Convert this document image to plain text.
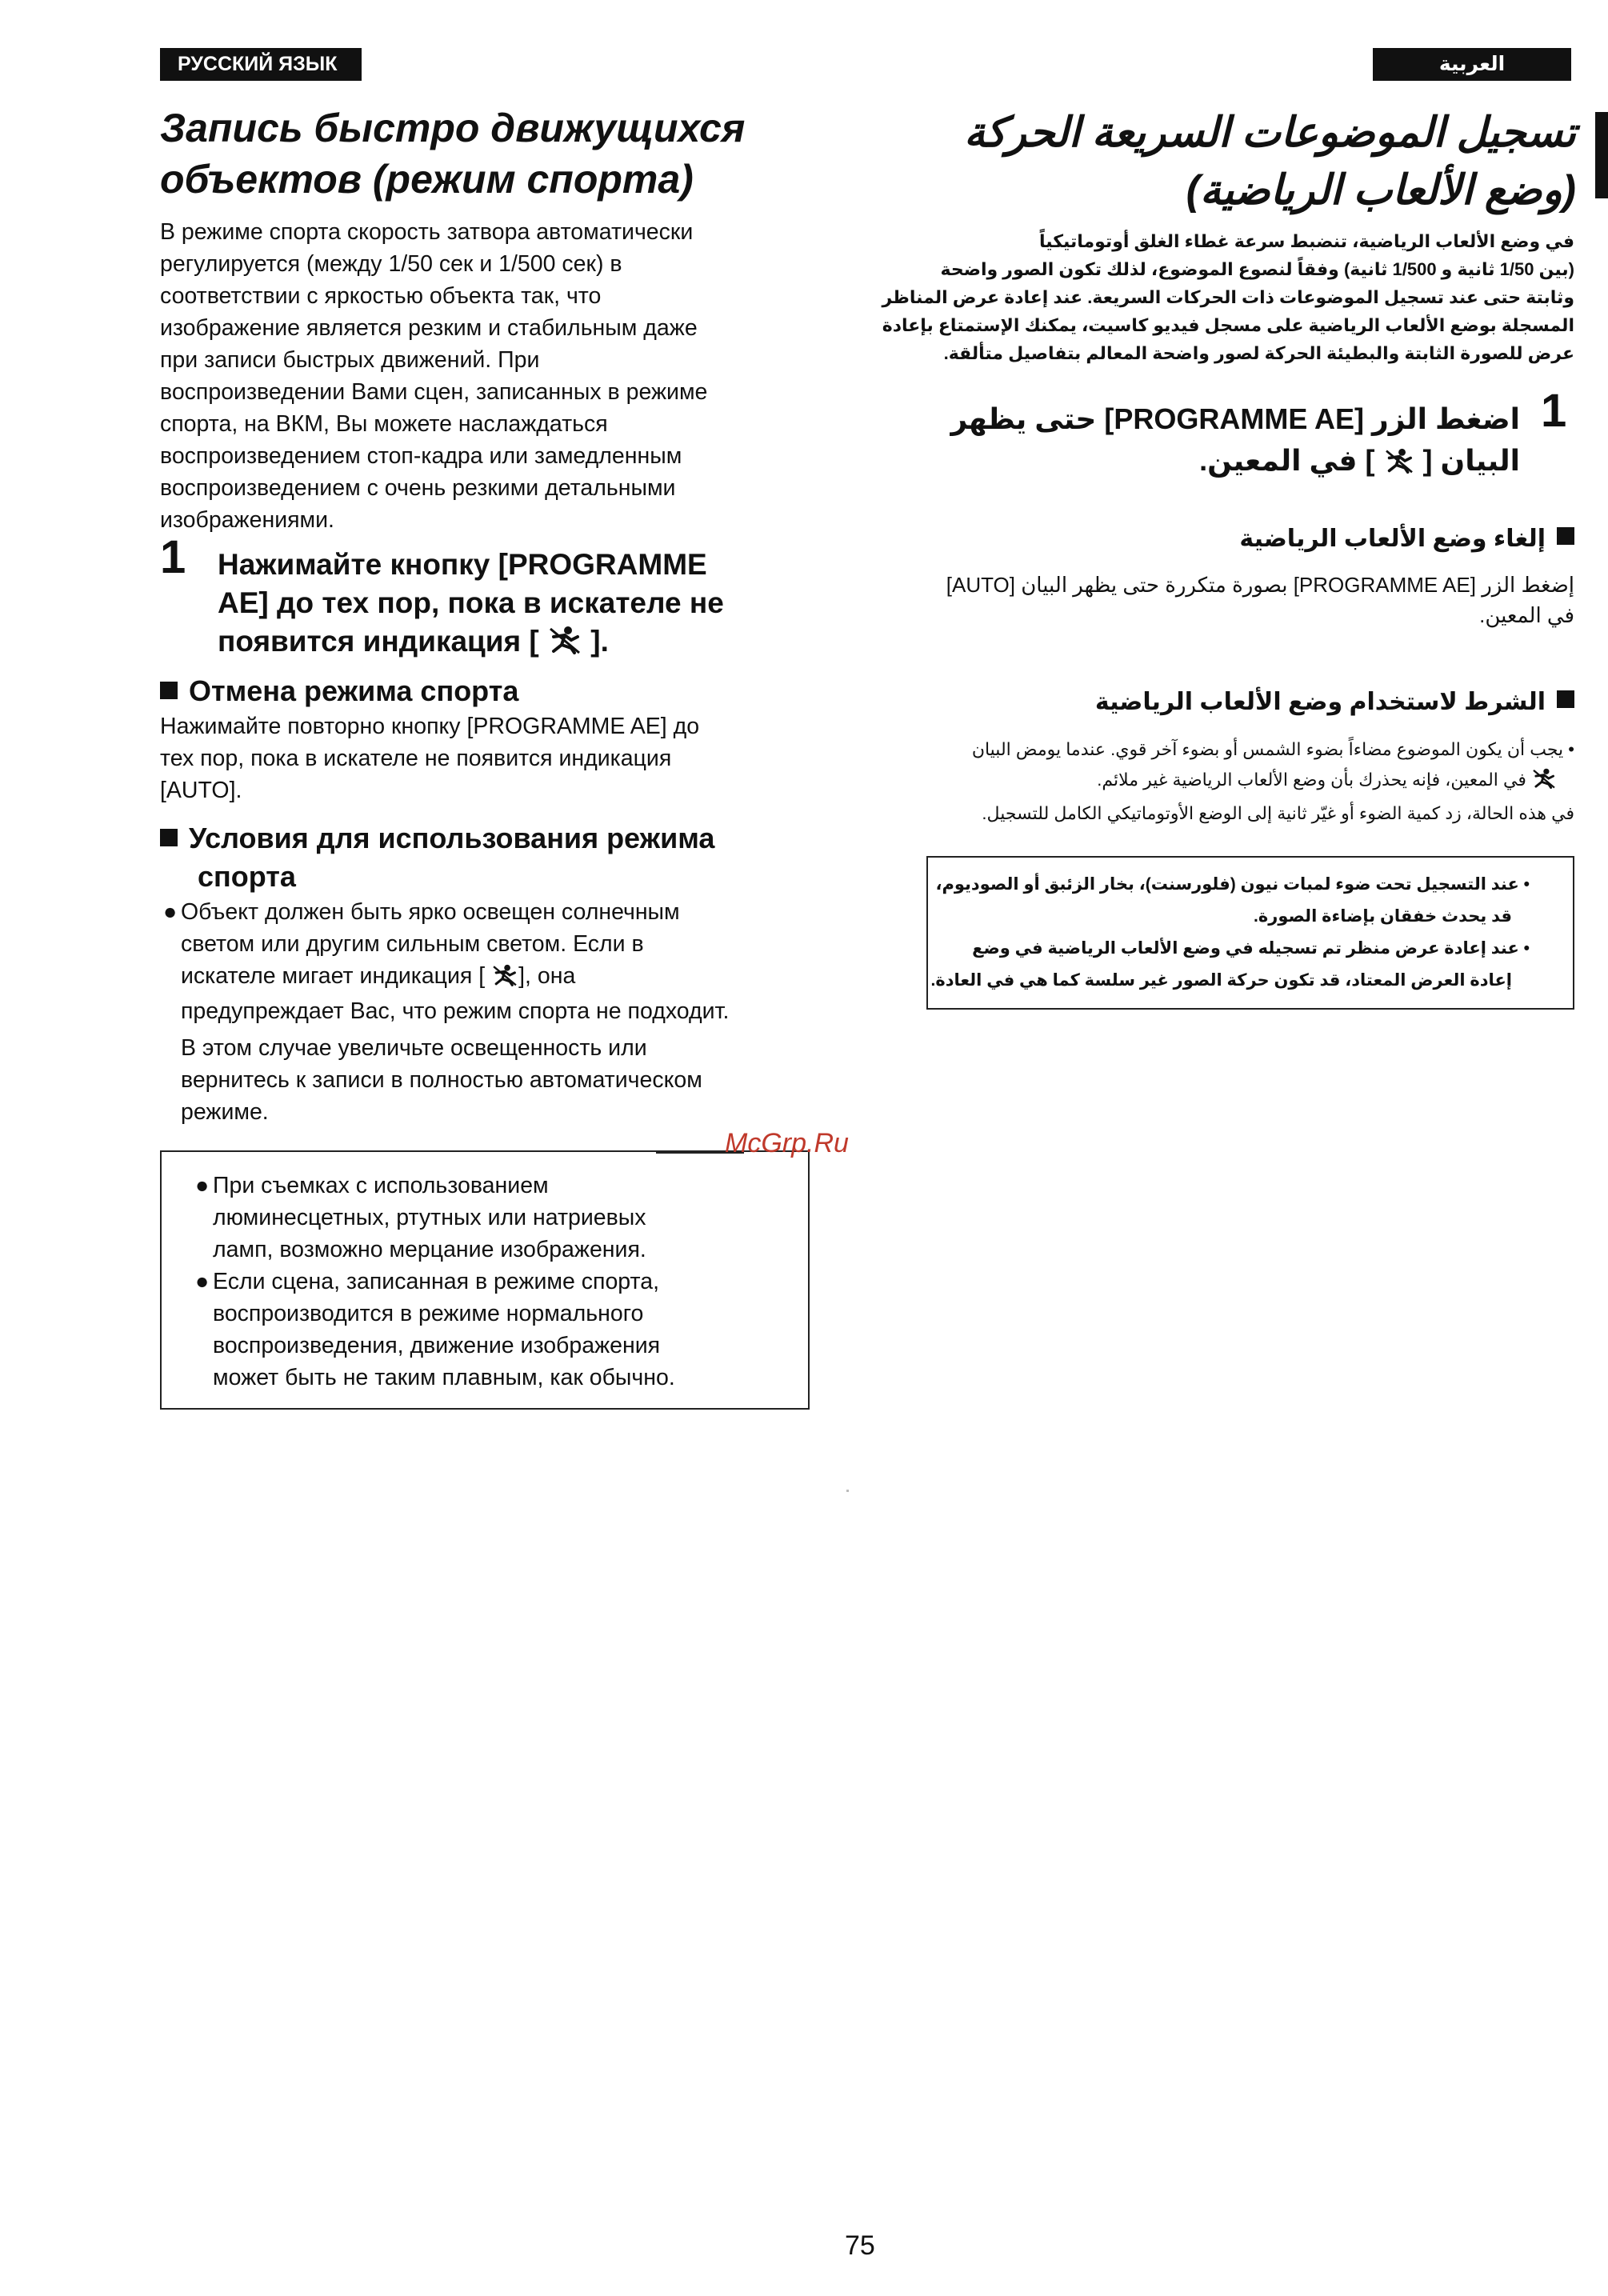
РУССКИЙ ЯЗЫК	العربية
Запись быстро движущихся
объектов (режим спорта)
В режиме спорта скорость затвора автоматически
регулируется (между 1/50 сек и 1/500 сек) в
соответствии с яркостью объекта так, что
изображение является резким и стабильным даже
при записи быстрых движений. При
воспроизведении Вами сцен, записанных в режиме
спорта, на ВКМ, Вы можете наслаждаться
воспроизведением стоп-кадра или замедленным
воспроизведением с очень резкими детальными
изображениями.
1 Нажимайте кнопку [PROGRAMME
AE] до тех пор, пока в искателе не
появится индикация [ ].
Отмена режима спорта
Нажимайте повторно кнопку [PROGRAMME AE] до
тех пор, пока в искателе не появится индикация
[AUTO].
Условия для использования режима
спорта
● Объект должен быть ярко освещен солнечным
светом или другим сильным светом. Если в
искателе мигает индикация [ ], она
предупреждает Вас, что режим спорта не подходит.
В этом случае увеличьте освещенность или
вернитесь к записи в полностью автоматическом
режиме.
● При съемках с использованием
люминесцетных, ртутных или натриевых
ламп, возможно мерцание изображения.
● Если сцена, записанная в режиме спорта,
воспроизводится в режиме нормального
воспроизведения, движение изображения
может быть не таким плавным, как обычно.
تسجيل الموضوعات السريعة الحركة
(وضع الألعاب الرياضية)
في وضع الألعاب الرياضية، تنضبط سرعة غطاء الغلق أوتوماتيكياً
(بين 1/50 ثانية و 1/500 ثانية) وفقاً لنصوع الموضوع، لذلك تكون الصور واضحة
وثابتة حتى عند تسجيل الموضوعات ذات الحركات السريعة. عند إعادة عرض المناظر
المسجلة بوضع الألعاب الرياضية على مسجل فيديو كاسيت، يمكنك الإستمتاع بإعادة
عرض للصورة الثابتة والبطيئة الحركة لصور واضحة المعالم بتفاصيل متألقة.
1
اضغط الزر [PROGRAMME AE] حتى يظهر
البيان [  ] في المعين.
إلغاء وضع الألعاب الرياضية
إضغط الزر [PROGRAMME AE] بصورة متكررة حتى يظهر البيان [AUTO]
في المعين.
الشرط لاستخدام وضع الألعاب الرياضية
• يجب أن يكون الموضوع مضاءاً بضوء الشمس أو بضوء آخر قوي. عندما يومض البيان
في المعين، فإنه يحذرك بأن وضع الألعاب الرياضية غير ملائم.
في هذه الحالة، زد كمية الضوء أو غيّر ثانية إلى الوضع الأوتوماتيكي الكامل للتسجيل.
• عند التسجيل تحت ضوء لمبات نيون (فلورسنت)، بخار الزئبق أو الصوديوم،
قد يحدث خفقان بإضاءة الصورة.
• عند إعادة عرض منظر تم تسجيله في وضع الألعاب الرياضية في وضع
إعادة العرض المعتاد، قد تكون حركة الصور غير سلسة كما هي في العادة.
McGrp.Ru
75
